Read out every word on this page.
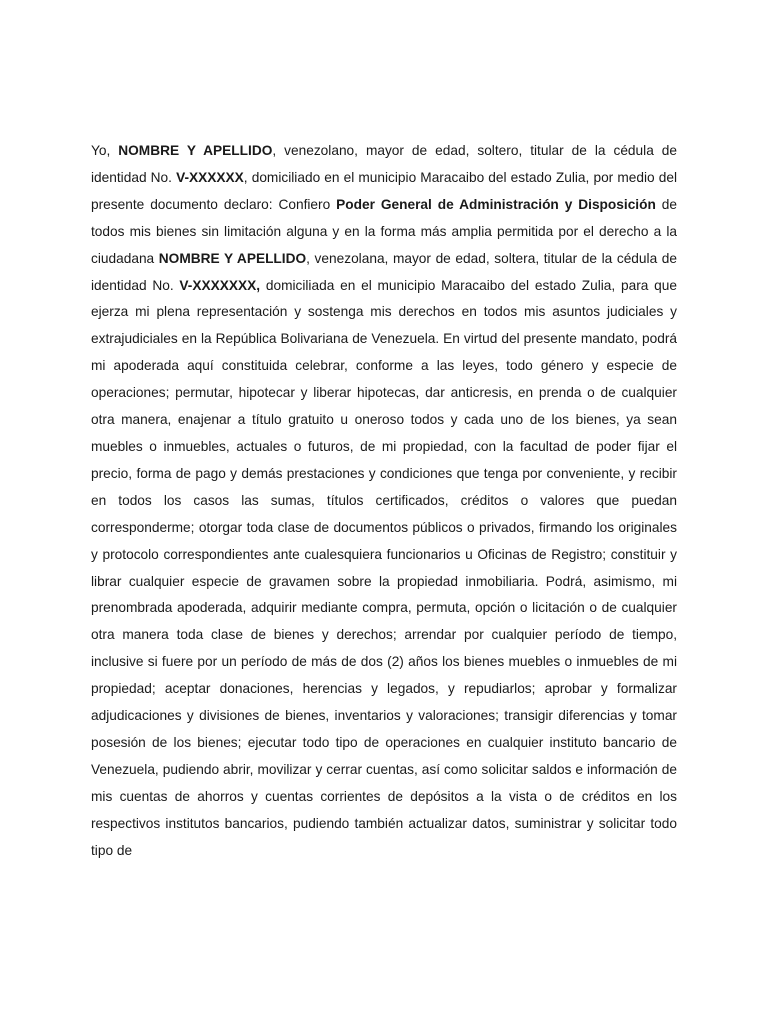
Yo, NOMBRE Y APELLIDO, venezolano, mayor de edad, soltero, titular de la cédula de identidad No. V-XXXXXX, domiciliado en el municipio Maracaibo del estado Zulia, por medio del presente documento declaro: Confiero Poder General de Administración y Disposición de todos mis bienes sin limitación alguna y en la forma más amplia permitida por el derecho a la ciudadana NOMBRE Y APELLIDO, venezolana, mayor de edad, soltera, titular de la cédula de identidad No. V-XXXXXXX, domiciliada en el municipio Maracaibo del estado Zulia, para que ejerza mi plena representación y sostenga mis derechos en todos mis asuntos judiciales y extrajudiciales en la República Bolivariana de Venezuela. En virtud del presente mandato, podrá mi apoderada aquí constituida celebrar, conforme a las leyes, todo género y especie de operaciones; permutar, hipotecar y liberar hipotecas, dar anticresis, en prenda o de cualquier otra manera, enajenar a título gratuito u oneroso todos y cada uno de los bienes, ya sean muebles o inmuebles, actuales o futuros, de mi propiedad, con la facultad de poder fijar el precio, forma de pago y demás prestaciones y condiciones que tenga por conveniente, y recibir en todos los casos las sumas, títulos certificados, créditos o valores que puedan corresponderme; otorgar toda clase de documentos públicos o privados, firmando los originales y protocolo correspondientes ante cualesquiera funcionarios u Oficinas de Registro; constituir y librar cualquier especie de gravamen sobre la propiedad inmobiliaria. Podrá, asimismo, mi prenombrada apoderada, adquirir mediante compra, permuta, opción o licitación o de cualquier otra manera toda clase de bienes y derechos; arrendar por cualquier período de tiempo, inclusive si fuere por un período de más de dos (2) años los bienes muebles o inmuebles de mi propiedad; aceptar donaciones, herencias y legados, y repudiarlos; aprobar y formalizar adjudicaciones y divisiones de bienes, inventarios y valoraciones; transigir diferencias y tomar posesión de los bienes; ejecutar todo tipo de operaciones en cualquier instituto bancario de Venezuela, pudiendo abrir, movilizar y cerrar cuentas, así como solicitar saldos e información de mis cuentas de ahorros y cuentas corrientes de depósitos a la vista o de créditos en los respectivos institutos bancarios, pudiendo también actualizar datos, suministrar y solicitar todo tipo de
